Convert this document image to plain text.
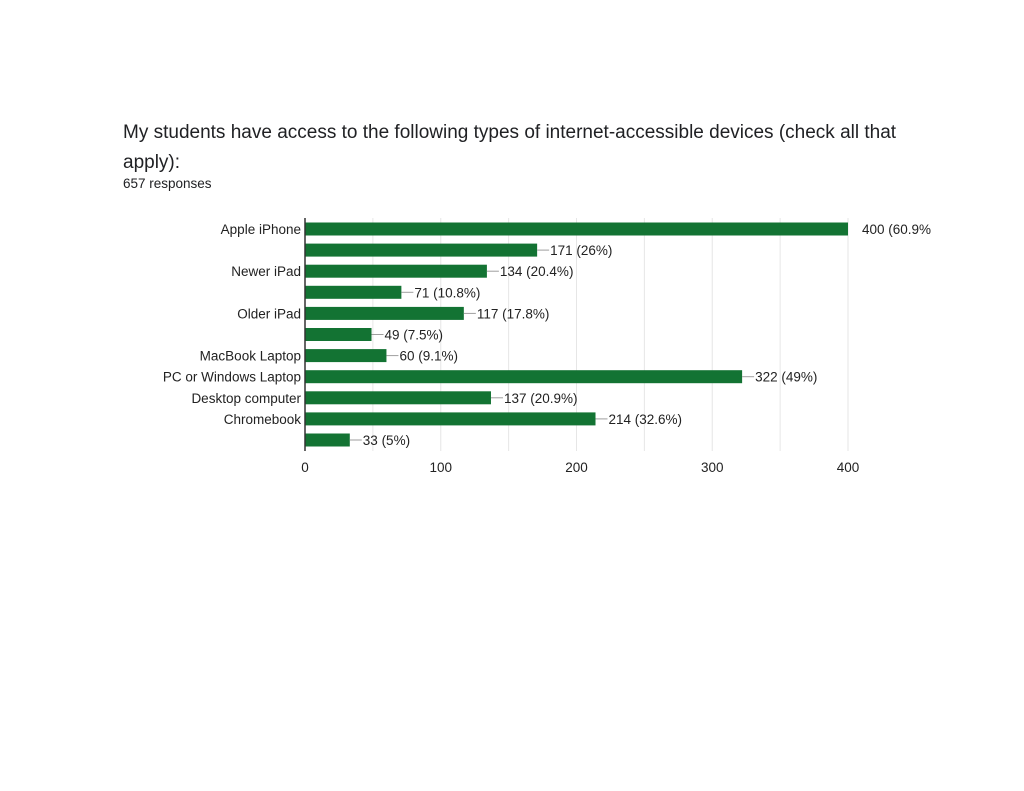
My students have access to the following types of internet-accessible devices (check all that apply):
657 responses
400 (60.9%
171 (26%)
134 (20.4%)
71 (10.8%)
117 (17.8%)
49 (7.5%)
60 (9.1%)
322 (49%)
137 (20.9%)
214 (32.6%)
33 (5%)
Apple iPhone
Newer iPad
Older iPad
MacBook Laptop
PC or Windows Laptop
Desktop computer
Chromebook
0	100	200	300	400
